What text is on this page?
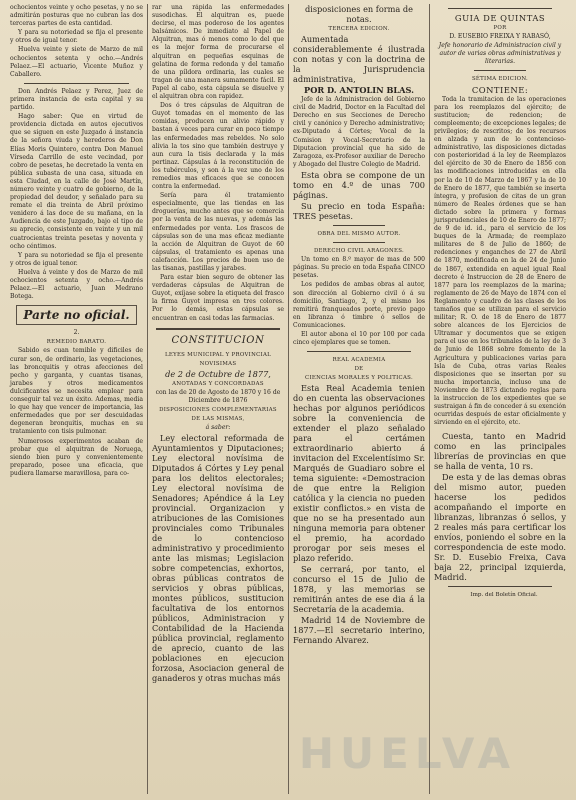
ochocientos veinte y ocho pesetas, y no se admitirán posturas que no cubran las dos terceras partes de esta cantidad.

Y para su notoriedad se fija el presente y otros de igual tenor.

Huelva veinte y siete de Marzo de mil ochocientos setenta y ocho.—Andrés Pelaez.—El actuario, Vicente Muñoz y Caballero.

Don Andrés Pelaez y Perez, Juez de primera instancia de esta capital y su partido.

Hago saber: Que en virtud de providencia dictada en autos ejecutivos que se siguen en este Juzgado á instancia de la señora viuda y herederos de Don Elías Moris Quintero, contra Don Manuel Vírseda Carrillo de este vecindad, por cobro de pesetas, he decretado la venta en pública subasta de una casa, situada en esta Ciudad, en la calle de José Martín, número veinte y cuatro de gobierno, de la propiedad del deudor, y señalado para su remate el dia treinta de Abril próximo venidero á las doce de su mañana, en la Audiencia de este Juzgado, bajo el tipo de su aprecio, consistente en veinte y un mil cuatrocientas treinta pesetas y noventa y ocho céntimos.

Y para su notoriedad se fija el presente y otros de igual tenor.

Huelva á veinte y dos de Marzo de mil ochocientos setenta y ocho.—Andrés Pelaez.—El actuario, Juan Medrano Botega.

Parte no oficial.

2.

REMEDIO BARATO.

Sabido es cuan temible y dificiles de curar son, de ordinario, las vegetaciones, las broncquitis y otras afecciones del pecho y garganta, y cuantas tisanas, jarabes y otros medicamentos dulcificantes se necesita emplear para conseguir tal vez un éxito. Ademas, media lo que hay que vencer de importancia, las enfermedades que por ser descuidadas degeneran bronquitis, muchas en su tratamiento con tisis pulmonar.

Numerosos experimentos acaban de probar que el alquitran de Noruega, siendo bien puro y convenientemente preparado, posee una eficacia, que pudiera llamarse maravillosa, para co-

rar una rápida las enfermedades susodichas. El alquitran es, puede decirse, el mas poderoso de los agentes balsámicos. De inmediato al Papel de Alquitran, mas ó menos como lo del que es la mejor forma de procurarse el alquitran en pequeñas esquinas de gelatina de forma redonda y del tamaño de una píldora ordinaria, las cuales se tragan de una manera sumamente fácil. El Papel al cabo, esta cápsula se disuelve y el alquitran obra con rapidez.

Dos ó tres cápsulas de Alquitran de Guyot tomadas en el momento de las comidas, producen un alivio rápido y bastan á veces para curar en poco tiempo las enfermedades mas rebeldes. No solo alivia la tos sino que también destruye y aun cura la tisis declarada y la más pertinaz. Cápsulas á la reconstitución de los tubérculos, y son á la vez uno de los remedios mas eficaces que se conocen contra la enfermedad.

Sería para él tratamiento especialmente, que las tiendas en las droguerías, mucho antes que se comercia por la venta de las nuevas, y además las enfermedades por venta. Los frascos de cápsulas son de una mas eficaz mediante la acción de Alquitran de Guyot de 60 cápsulas, el tratamiento es apenas una calefacción. Los precios de buen uso de las tisanas, pastillas y jarabes.

Para estar bien seguro de obtener las verdaderas cápsulas de Alquitran de Guyot, exíjase sobre la etiqueta del frasco la firma Guyot impresa en tres colores. Por lo demás, estas cápsulas se encuentran en casi todas las farmacias.

CONSTITUCION

LEYES MUNICIPAL Y PROVINCIAL

NOVISIMAS

de 2 de Octubre de 1877,

ANOTADAS Y CONCORDADAS

con las de 20 de Agosto de 1870 y 16 de Diciembre de 1876

DISPOSICIONES COMPLEMENTARIAS

DE LAS MISMAS,

á saber:

Ley electoral reformada de Ayuntamientos y Diputaciones; Ley electoral novísima de Diputados á Córtes y Ley penal para los delitos electorales; Ley electoral novísima de Senadores; Apéndice á la Ley provincial. Organizacion y atribuciones de las Comisiones provinciales como Tribunales de lo contencioso administrativo y procedimiento ante las mismas; Legislacion sobre competencias, exhortos, obras públicas contratos de servicios y obras públicas, montes públicos, sustitucion facultativa de los entornos públicos, Administracion y Contabilidad de la Hacienda pública provincial, reglamento de aprecio, cuanto de las poblaciones en ejecucion forzosa, Asociacion general de ganaderos y otras muchas más

disposiciones en forma de notas.

TERCERA EDICION.

Aumentada considerablemente é ilustrada con notas y con la doctrina de la Jurisprudencia administrativa,

POR D. ANTOLIN BLAS.

Jefe de la Administracion del Gobierno civil de Madrid, Doctor en la Facultad del Derecho en sus Secciones de Derecho civil y canónico y Derecho administrativo; ex-Diputado á Córtes; Vocal de la Comision y Vocal-Secretario de la Diputacion provincial que ha sido de Zaragoza, ex-Profesor auxiliar de Derecho y Abogado del Ilustre Colegio de Madrid.

Esta obra se compone de un tomo en 4.º de unas 700 páginas.

Su precio en toda España: TRES pesetas.

OBRA DEL MISMO AUTOR.

DERECHO CIVIL ARAGONES.

Un tomo en 8.º mayor de mas de 500 páginas. Su precio en toda España CINCO pesetas.

Los pedidos de ambas obras al autor, son dirección al Gobierno civil ó á su domicilio, Santiago, 2, y el mismo los remitirá franqueados porte, previo pago en libranza ó timbre ó sellos de Comunicaciones.

El autor abona el 10 por 100 por cada cinco ejemplares que se tomen.

REAL ACADEMIA

DE

CIENCIAS MORALES Y POLITICAS.

Esta Real Academia tenien do en cuenta las observaciones hechas por algunos periódicos sobre la conveniencia de extender el plazo señalado para el certámen extraordinario abierto á invitacion del Excelentísimo Sr. Marqués de Guadiaro sobre el tema siguiente: «Demostracion de que entre la Religion católica y la ciencia no pueden existir conflictos.» en vista de que no se ha presentado aun ninguna memoria para obtener el premio, ha acordado prorogar por seis meses el plazo referido.

Se cerrará, por tanto, el concurso el 15 de Julio de 1878, y las memorias se remitirán antes de ese dia á la Secretaría de la academia.

Madrid 14 de Noviembre de 1877.—El secretario interino, Fernando Alvarez.

GUIA DE QUINTAS

POR

D. EUSEBIO FREIXA Y RABASÓ,

Jefe honorario de Administracion civil y autor de varias obras administrativas y literarias.

SÉTIMA EDICION.

CONTIENE:

Toda la tramitacion de las operaciones para los reemplazos del ejército; de sustitucion; de redencion; de compleemento; de excepciones legales; de privilegios; de rescritos; de los recursos en alzada y aun de lo contencioso-administrativo, las disposiciones dictadas con posterioridad á la ley de Reemplazos del ejército de 30 de Enero de 1856 con las modificaciones introducidas en ella por la de 10 de Marzo de 1867 y la de 10 de Enero de 1877, que también se inserta íntegra, y profusion de citas de un gran número de Reales órdenes que se han dictado sobre la primera y formas jurisprudenciales de 10 de Enero de 1877; de 9 de id. id., para el servicio de los buques de la Armada; de reemplazo militares de 8 de Julio de 1860; de redenciones y enganches de 27 de Abril de 1870, modificada en la de 24 de Junio de 1867, extendida en aquel igual Real decreto é Instruccion de 28 de Enero de 1877 para los reemplazos de la marina; reglamento de 26 de Mayo de 1874 con el Reglamento y cuadro de las clases de los tamaños que se utilizan para el servicio militar; R. O. de 18 de Enero de 1877 sobre alcances de los Ejercicios de Ultramar y documentos que se exigen para el uso en los tribunales de la ley de 3 de Junio de 1868 sobre fomento de la Agricultura y publicaciones varias para Isla de Cuba, otras varias Reales disposiciones que se insertan por su mucha importancia, incluso una de Noviembre de 1873 dictando reglas para la instruccion de los expedientes que se sustraigan á fin de conceder á su exención ocurridas después de estar oficialmente y sirviendo en el ejército, etc.

Cuesta, tanto en Madrid como en las principales librerías de provincias en que se halla de venta, 10 rs.

De esta y de las demas obras del mismo autor, pueden hacerse los pedidos acompañando el importe en libranzas, libranzas ó sellos, y 2 reales más para certificar los envíos, poniendo el sobre en la correspondencia de este modo. Sr. D. Eusebio Freixa, Cava baja 22, principal izquierda, Madrid.

Imp. del Boletín Oficial.

HUELVA
